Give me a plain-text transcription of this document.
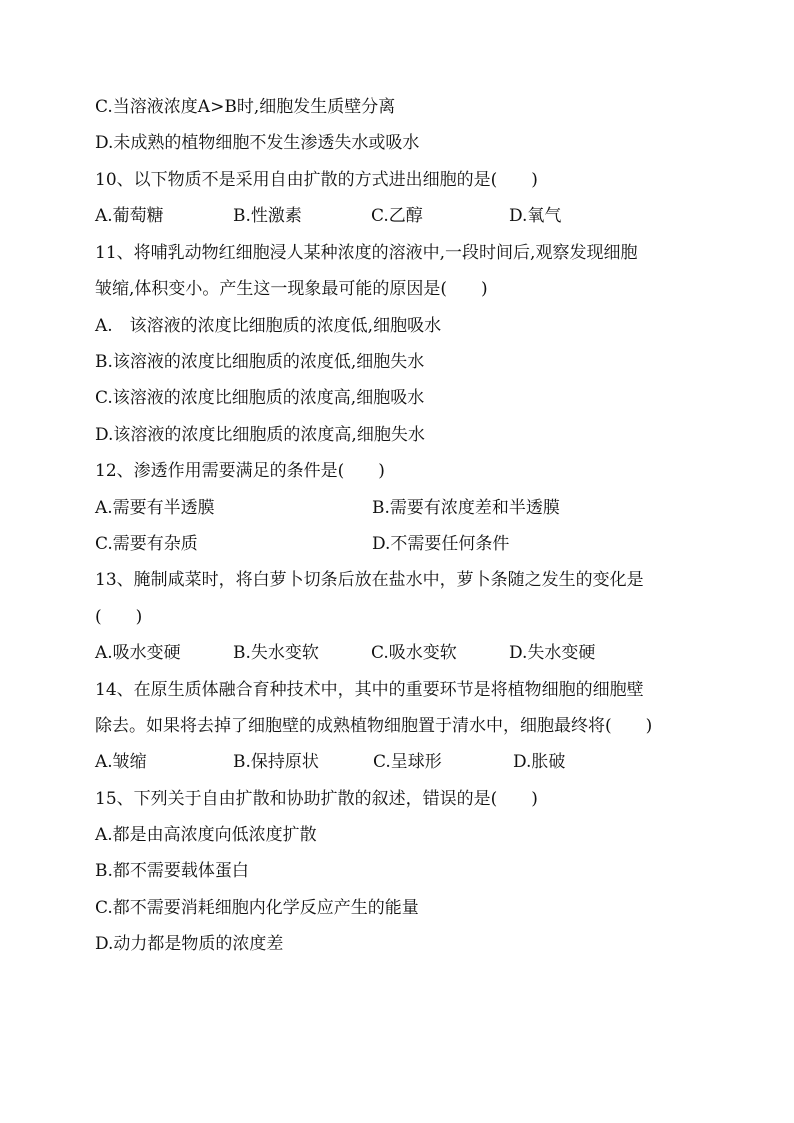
C.当溶液浓度A>B时,细胞发生质壁分离
D.未成熟的植物细胞不发生渗透失水或吸水
10、以下物质不是采用自由扩散的方式进出细胞的是(　　)
A.葡萄糖	B.性激素	C.乙醇	D.氧气
11、将哺乳动物红细胞浸人某种浓度的溶液中,一段时间后,观察发现细胞
皱缩,体积变小。产生这一现象最可能的原因是(　　)
A.　该溶液的浓度比细胞质的浓度低,细胞吸水
B.该溶液的浓度比细胞质的浓度低,细胞失水
C.该溶液的浓度比细胞质的浓度高,细胞吸水
D.该溶液的浓度比细胞质的浓度高,细胞失水
12、渗透作用需要满足的条件是(　　)
A.需要有半透膜	B.需要有浓度差和半透膜
C.需要有杂质	D.不需要任何条件
13、腌制咸菜时，将白萝卜切条后放在盐水中，萝卜条随之发生的变化是
(　　)
A.吸水变硬	B.失水变软	C.吸水变软	D.失水变硬
14、在原生质体融合育种技术中，其中的重要环节是将植物细胞的细胞壁
除去。如果将去掉了细胞壁的成熟植物细胞置于清水中，细胞最终将(　　)
A.皱缩	B.保持原状	C.呈球形	D.胀破
15、下列关于自由扩散和协助扩散的叙述，错误的是(　　)
A.都是由高浓度向低浓度扩散
B.都不需要载体蛋白
C.都不需要消耗细胞内化学反应产生的能量
D.动力都是物质的浓度差
